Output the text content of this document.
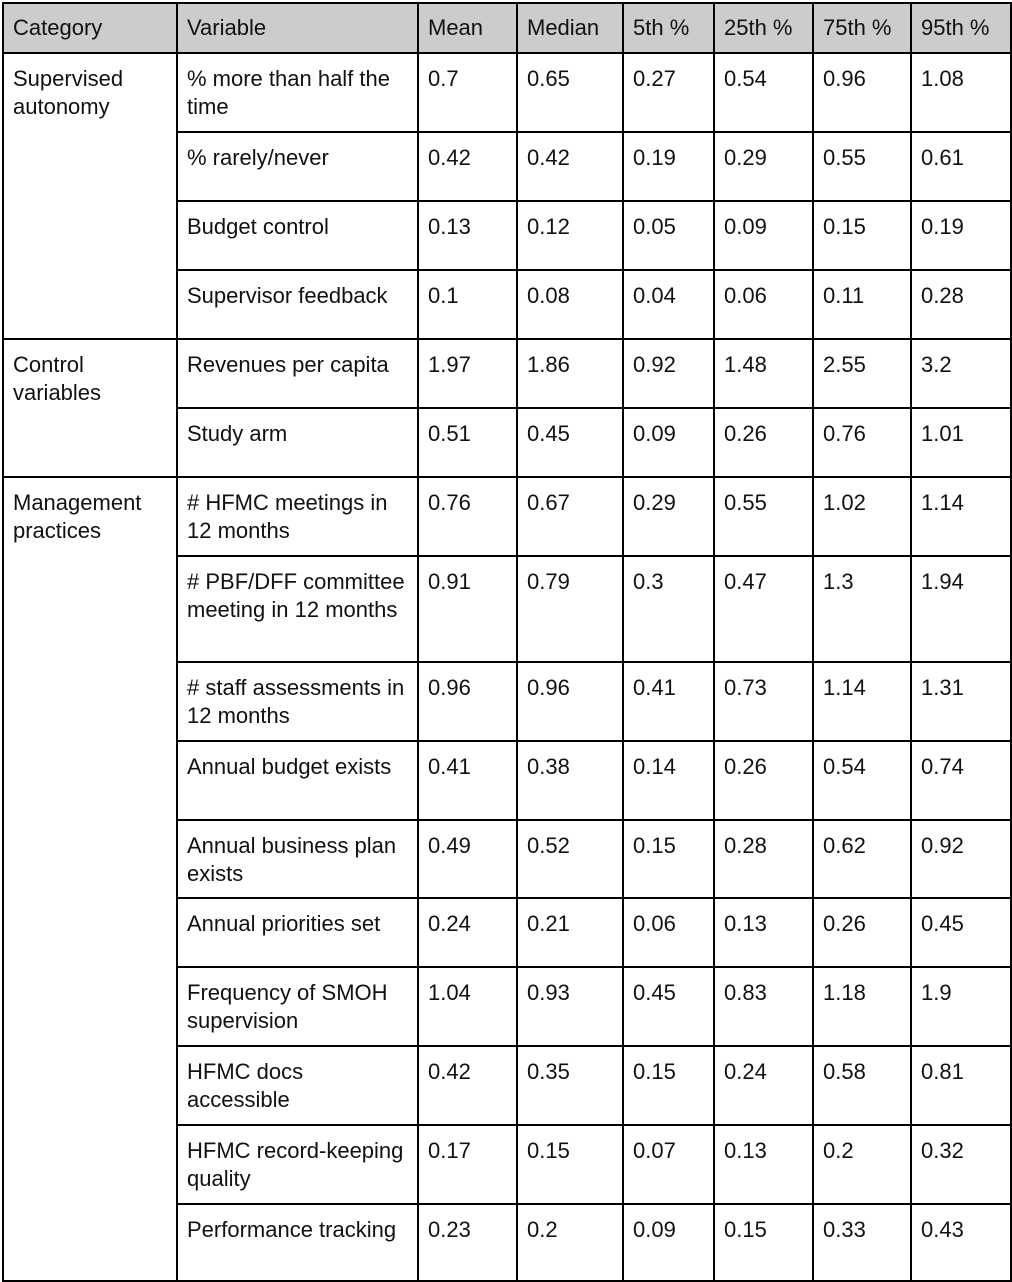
Category	Variable	Mean	Median	5th %	25th %	75th %	95th %
Supervised autonomy	% more than half the time	0.7	0.65	0.27	0.54	0.96	1.08
	% rarely/never	0.42	0.42	0.19	0.29	0.55	0.61
	Budget control	0.13	0.12	0.05	0.09	0.15	0.19
	Supervisor feedback	0.1	0.08	0.04	0.06	0.11	0.28
Control variables	Revenues per capita	1.97	1.86	0.92	1.48	2.55	3.2
	Study arm	0.51	0.45	0.09	0.26	0.76	1.01
Management practices	# HFMC meetings in 12 months	0.76	0.67	0.29	0.55	1.02	1.14
	# PBF/DFF committee meeting in 12 months	0.91	0.79	0.3	0.47	1.3	1.94
	# staff assessments in 12 months	0.96	0.96	0.41	0.73	1.14	1.31
	Annual budget exists	0.41	0.38	0.14	0.26	0.54	0.74
	Annual business plan exists	0.49	0.52	0.15	0.28	0.62	0.92
	Annual priorities set	0.24	0.21	0.06	0.13	0.26	0.45
	Frequency of SMOH supervision	1.04	0.93	0.45	0.83	1.18	1.9
	HFMC docs accessible	0.42	0.35	0.15	0.24	0.58	0.81
	HFMC record-keeping quality	0.17	0.15	0.07	0.13	0.2	0.32
	Performance tracking	0.23	0.2	0.09	0.15	0.33	0.43
